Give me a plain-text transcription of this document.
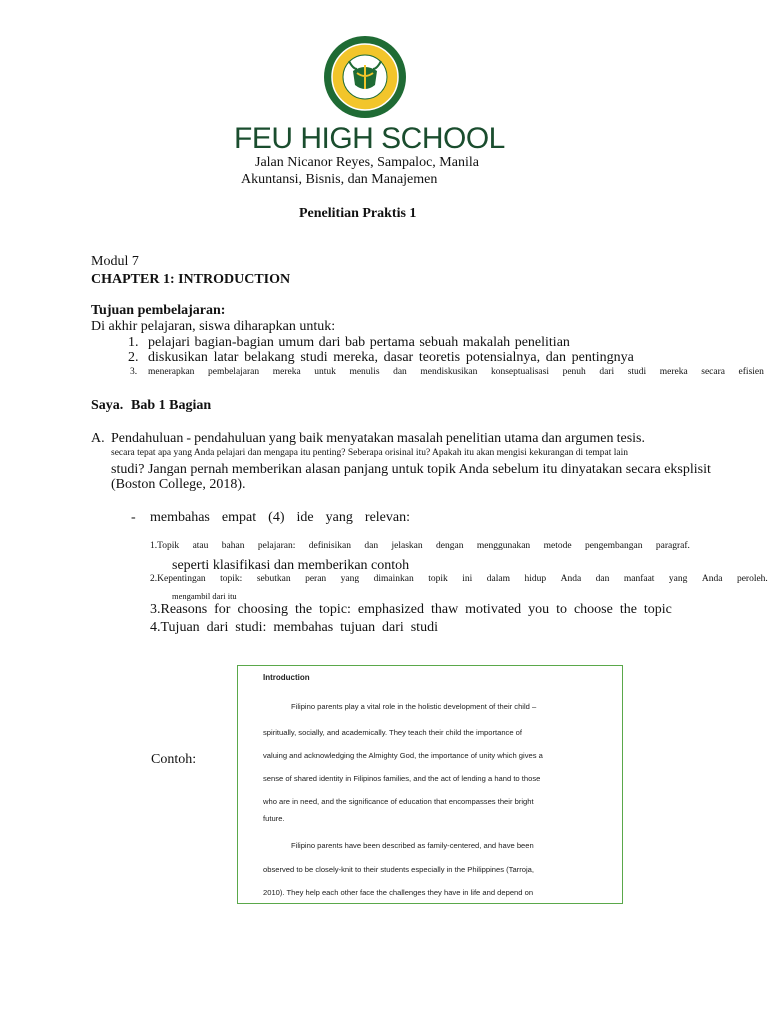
FEU HIGH SCHOOL
Jalan Nicanor Reyes, Sampaloc, Manila
Akuntansi, Bisnis, dan Manajemen
Penelitian Praktis 1
Modul 7
CHAPTER 1: INTRODUCTION
Tujuan pembelajaran:
Di akhir pelajaran, siswa diharapkan untuk:
1. pelajari bagian-bagian umum dari bab pertama sebuah makalah penelitian
2. diskusikan latar belakang studi mereka, dasar teoretis potensialnya, dan pentingnya
3. menerapkan pembelajaran mereka untuk menulis dan mendiskusikan konseptualisasi penuh dari studi mereka secara efisien
Saya. Bab 1 Bagian
A. Pendahuluan - pendahuluan yang baik menyatakan masalah penelitian utama dan argumen tesis.
secara tepat apa yang Anda pelajari dan mengapa itu penting? Seberapa orisinal itu? Apakah itu akan mengisi kekurangan di tempat lain
studi? Jangan pernah memberikan alasan panjang untuk topik Anda sebelum itu dinyatakan secara eksplisit
(Boston College, 2018).
- membahas empat (4) ide yang relevan:
1.Topik atau bahan pelajaran: definisikan dan jelaskan dengan menggunakan metode pengembangan paragraf.
seperti klasifikasi dan memberikan contoh
2.Kepentingan topik: sebutkan peran yang dimainkan topik ini dalam hidup Anda dan manfaat yang Anda peroleh.
mengambil dari itu
3.Reasons for choosing the topic: emphasized thaw motivated you to choose the topic
4.Tujuan dari studi: membahas tujuan dari studi
Contoh:
Introduction
Filipino parents play a vital role in the holistic development of their child –
spiritually, socially, and academically. They teach their child the importance of
valuing and acknowledging the Almighty God, the importance of unity which gives a
sense of shared identity in Filipinos families, and the act of lending a hand to those
who are in need, and the significance of education that encompasses their bright
future.
Filipino parents have been described as family-centered, and have been
observed to be closely-knit to their students especially in the Philippines (Tarroja,
2010). They help each other face the challenges they have in life and depend on
